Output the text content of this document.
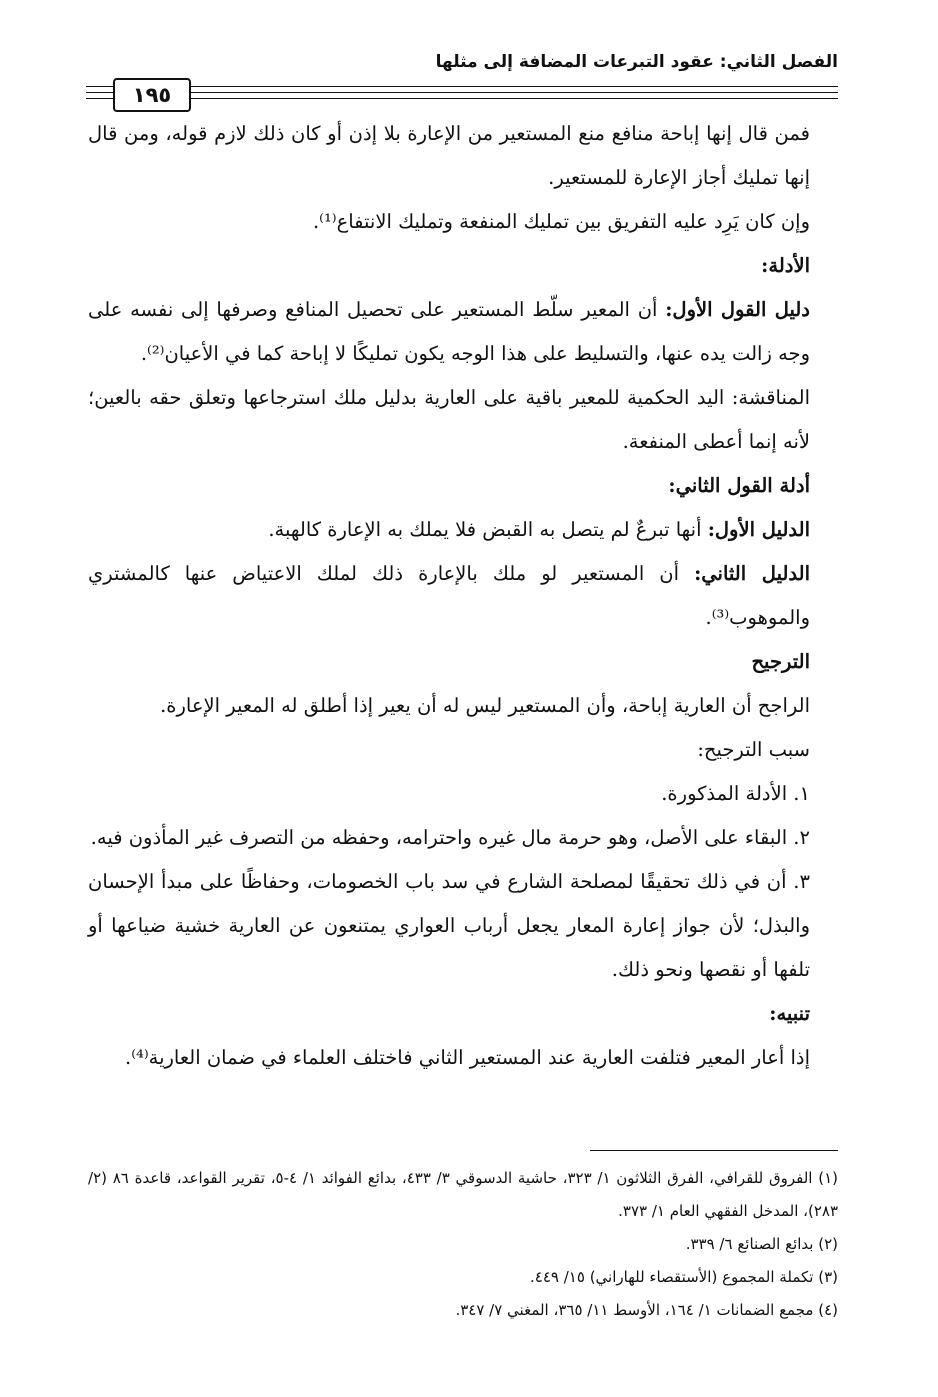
الفصل الثاني: عقود التبرعات المضافة إلى مثلها
١٩٥

فمن قال إنها إباحة منافع منع المستعير من الإعارة بلا إذن أو كان ذلك لازم قوله، ومن قال إنها تمليك أجاز الإعارة للمستعير.

وإن كان يَرِد عليه التفريق بين تمليك المنفعة وتمليك الانتفاع⁽¹⁾.

الأدلة:

دليل القول الأول: أن المعير سلّط المستعير على تحصيل المنافع وصرفها إلى نفسه على وجه زالت يده عنها، والتسليط على هذا الوجه يكون تمليكًا لا إباحة كما في الأعيان⁽²⁾.

المناقشة: اليد الحكمية للمعير باقية على العارية بدليل ملك استرجاعها وتعلق حقه بالعين؛ لأنه إنما أعطى المنفعة.

أدلة القول الثاني:

الدليل الأول: أنها تبرعٌ لم يتصل به القبض فلا يملك به الإعارة كالهبة.

الدليل الثاني: أن المستعير لو ملك بالإعارة ذلك لملك الاعتياض عنها كالمشتري والموهوب⁽³⁾.

الترجيح

الراجح أن العارية إباحة، وأن المستعير ليس له أن يعير إذا أطلق له المعير الإعارة.

سبب الترجيح:

١. الأدلة المذكورة.

٢. البقاء على الأصل، وهو حرمة مال غيره واحترامه، وحفظه من التصرف غير المأذون فيه.

٣. أن في ذلك تحقيقًا لمصلحة الشارع في سد باب الخصومات، وحفاظًا على مبدأ الإحسان والبذل؛ لأن جواز إعارة المعار يجعل أرباب العواري يمتنعون عن العارية خشية ضياعها أو تلفها أو نقصها ونحو ذلك.

تنبيه:

إذا أعار المعير فتلفت العارية عند المستعير الثاني فاختلف العلماء في ضمان العارية⁽⁴⁾.

(١) الفروق للقرافي، الفرق الثلاثون ١/ ٣٢٣، حاشية الدسوقي ٣/ ٤٣٣، بدائع الفوائد ١/ ٤-٥، تقرير القواعد، قاعدة ٨٦ (٢/ ٢٨٣)، المدخل الفقهي العام ١/ ٣٧٣.

(٢) بدائع الصنائع ٦/ ٣٣٩.

(٣) تكملة المجموع (الأستقصاء للهاراني) ١٥/ ٤٤٩.

(٤) مجمع الضمانات ١/ ١٦٤، الأوسط ١١/ ٣٦٥، المغني ٧/ ٣٤٧.
